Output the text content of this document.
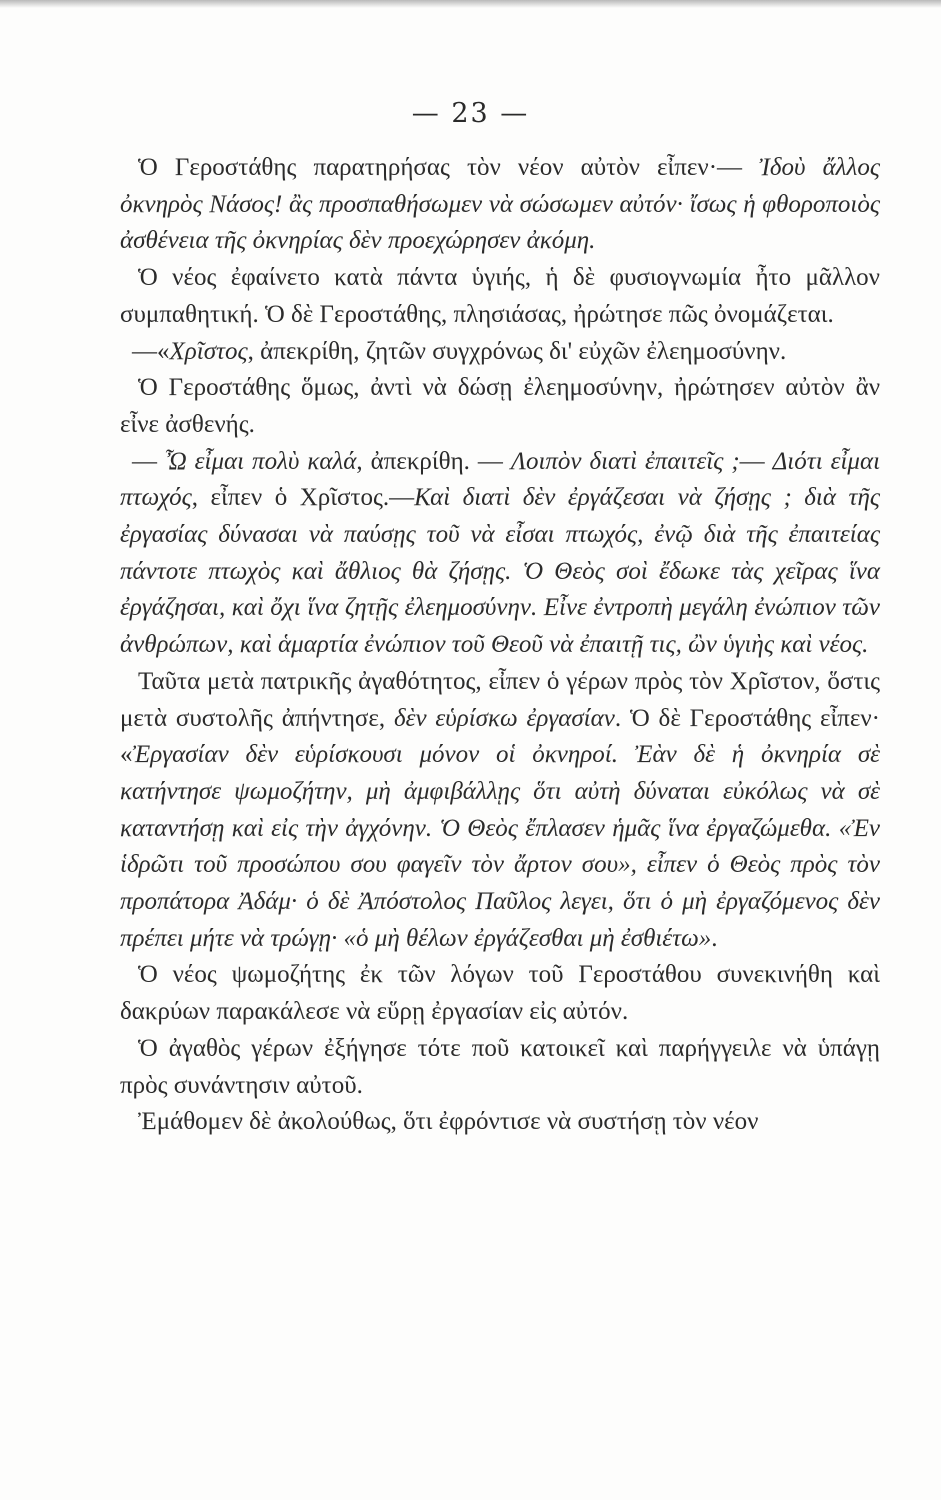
— 23 —

Ὁ Γεροστάθης παρατηρήσας τὸν νέον αὐτὸν εἶπεν·— Ἰδοὺ ἄλλος ὀκνηρὸς Νάσος! ἂς προσπαθήσωμεν νὰ σώσωμεν αὐτόν· ἴσως ἡ φθοροποιὸς ἀσθένεια τῆς ὀκνηρίας δὲν προεχώρησεν ἀκόμη.

Ὁ νέος ἐφαίνετο κατὰ πάντα ὑγιής, ἡ δὲ φυσιογνωμία ἦτο μᾶλλον συμπαθητική. Ὁ δὲ Γεροστάθης, πλησιάσας, ἠρώτησε πῶς ὀνομάζεται.

—«Χρῖστος, ἀπεκρίθη, ζητῶν συγχρόνως δι' εὐχῶν ἐλεημοσύνην.

Ὁ Γεροστάθης ὅμως, ἀντὶ νὰ δώσῃ ἐλεημοσύνην, ἠρώτησεν αὐτὸν ἂν εἶνε ἀσθενής.

— Ὦ εἶμαι πολὺ καλά, ἀπεκρίθη. — Λοιπὸν διατὶ ἐπαιτεῖς ;— Διότι εἶμαι πτωχός, εἶπεν ὁ Χρῖστος.—Καὶ διατὶ δὲν ἐργάζεσαι νὰ ζήσῃς ; διὰ τῆς ἐργασίας δύνασαι νὰ παύσῃς τοῦ νὰ εἶσαι πτωχός, ἐνῷ διὰ τῆς ἐπαιτείας πάντοτε πτωχὸς καὶ ἄθλιος θὰ ζήσῃς. Ὁ Θεὸς σοὶ ἔδωκε τὰς χεῖρας ἵνα ἐργάζησαι, καὶ ὄχι ἵνα ζητῇς ἐλεημοσύνην. Εἶνε ἐντροπὴ μεγάλη ἐνώπιον τῶν ἀνθρώπων, καὶ ἁμαρτία ἐνώπιον τοῦ Θεοῦ νὰ ἐπαιτῇ τις, ὢν ὑγιὴς καὶ νέος.

Ταῦτα μετὰ πατρικῆς ἀγαθότητος, εἶπεν ὁ γέρων πρὸς τὸν Χρῖστον, ὅστις μετὰ συστολῆς ἀπήντησε, δὲν εὑρίσκω ἐργασίαν. Ὁ δὲ Γεροστάθης εἶπεν· «Ἐργασίαν δὲν εὑρίσκουσι μόνον οἱ ὀκνηροί. Ἐὰν δὲ ἡ ὀκνηρία σὲ κατήντησε ψωμοζήτην, μὴ ἀμφιβάλλῃς ὅτι αὐτὴ δύναται εὐκόλως νὰ σὲ καταντήσῃ καὶ εἰς τὴν ἀγχόνην. Ὁ Θεὸς ἔπλασεν ἡμᾶς ἵνα ἐργαζώμεθα. «Ἐν ἱδρῶτι τοῦ προσώπου σου φαγεῖν τὸν ἄρτον σου», εἶπεν ὁ Θεὸς πρὸς τὸν προπάτορα Ἀδάμ· ὁ δὲ Ἀπόστολος Παῦλος λεγει, ὅτι ὁ μὴ ἐργαζόμενος δὲν πρέπει μήτε νὰ τρώγῃ· «ὁ μὴ θέλων ἐργάζεσθαι μὴ ἐσθιέτω».

Ὁ νέος ψωμοζήτης ἐκ τῶν λόγων τοῦ Γεροστάθου συνεκινήθη καὶ δακρύων παρακάλεσε νὰ εὕρῃ ἐργασίαν εἰς αὐτόν.

Ὁ ἀγαθὸς γέρων ἐξήγησε τότε ποῦ κατοικεῖ καὶ παρήγγειλε νὰ ὑπάγῃ πρὸς συνάντησιν αὐτοῦ.

Ἐμάθομεν δὲ ἀκολούθως, ὅτι ἐφρόντισε νὰ συστήσῃ τὸν νέον
